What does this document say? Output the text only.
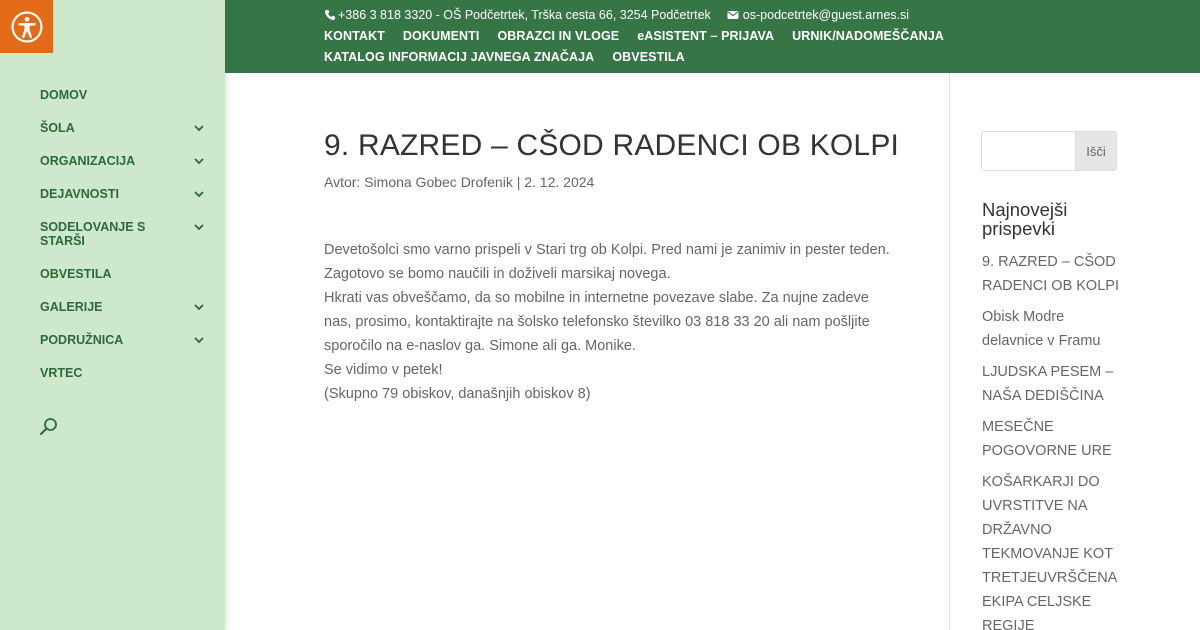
DOMOV
ŠOLA
ORGANIZACIJA
DEJAVNOSTI
SODELOVANJE S STARŠI
OBVESTILA
GALERIJE
PODRUŽNICA
VRTEC
+386 3 818 3320 - OŠ Podčetrtek, Trška cesta 66, 3254 Podčetrtek	os-podcetrtek@guest.arnes.si
KONTAKT DOKUMENTI OBRAZCI IN VLOGE eASISTENT – PRIJAVA URNIK/NADOMEŠČANJA
KATALOG INFORMACIJ JAVNEGA ZNAČAJA OBVESTILA
9. RAZRED – CŠOD RADENCI OB KOLPI
Avtor: Simona Gobec Drofenik | 2. 12. 2024
Devetošolci smo varno prispeli v Stari trg ob Kolpi. Pred nami je zanimiv in pester teden.
Zagotovo se bomo naučili in doživeli marsikaj novega.
Hkrati vas obveščamo, da so mobilne in internetne povezave slabe. Za nujne zadeve
nas, prosimo, kontaktirajte na šolsko telefonsko številko 03 818 33 20 ali nam pošljite
sporočilo na e-naslov ga. Simone ali ga. Monike.
Se vidimo v petek!
(Skupno 79 obiskov, današnjih obiskov 8)
Išči
Najnovejši prispevki
9. RAZRED – CŠOD RADENCI OB KOLPI
Obisk Modre delavnice v Framu
LJUDSKA PESEM – NAŠA DEDIŠČINA
MESEČNE POGOVORNE URE
KOŠARKARJI DO UVRSTITVE NA DRŽAVNO TEKMOVANJE KOT TRETJEUVRŠČENA EKIPA CELJSKE REGIJE
